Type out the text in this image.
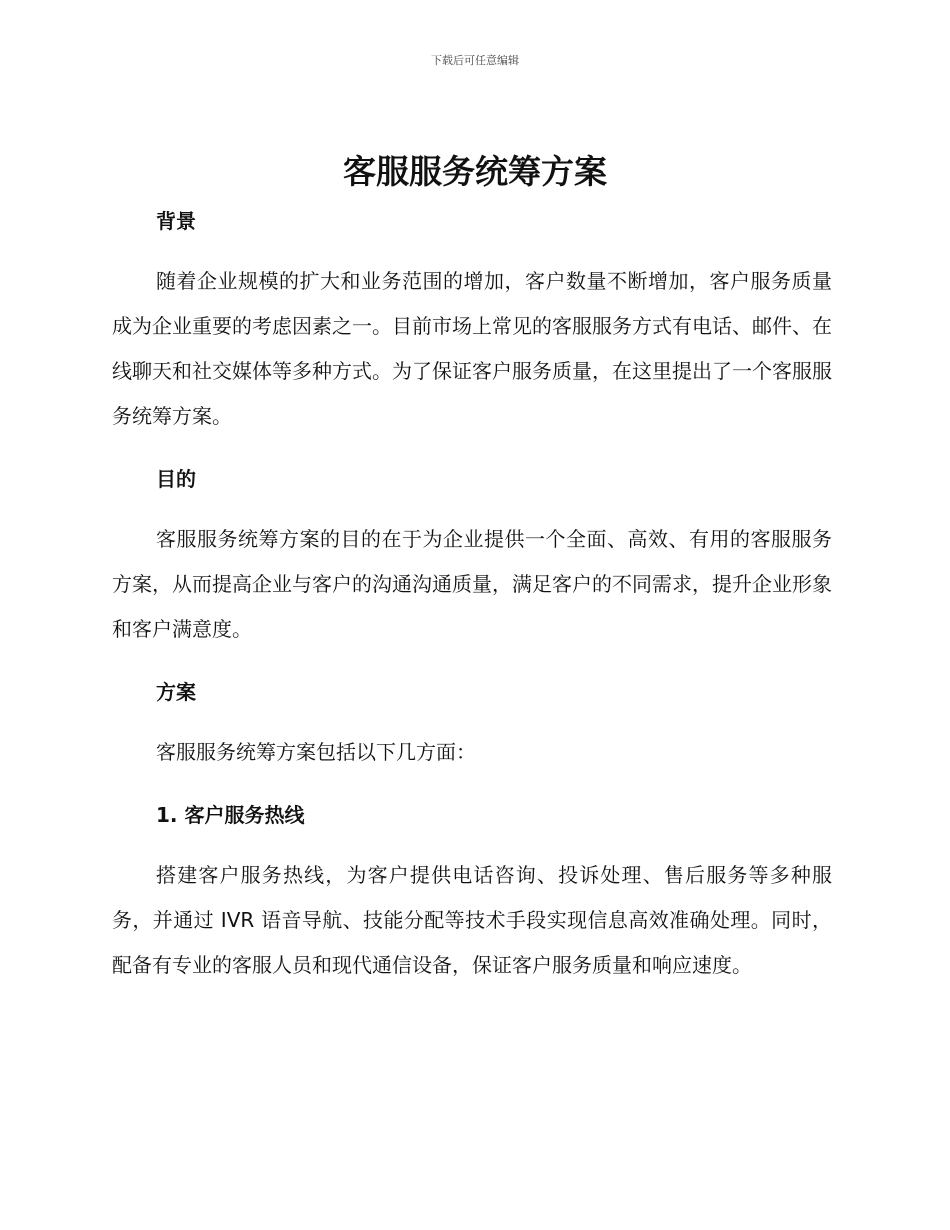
下载后可任意编辑
客服服务统筹方案
背景

随着企业规模的扩大和业务范围的增加，客户数量不断增加，客户服务质量成为企业重要的考虑因素之一。目前市场上常见的客服服务方式有电话、邮件、在线聊天和社交媒体等多种方式。为了保证客户服务质量，在这里提出了一个客服服务统筹方案。

目的

客服服务统筹方案的目的在于为企业提供一个全面、高效、有用的客服服务方案，从而提高企业与客户的沟通沟通质量，满足客户的不同需求，提升企业形象和客户满意度。

方案

客服服务统筹方案包括以下几方面：

1. 客户服务热线

搭建客户服务热线，为客户提供电话咨询、投诉处理、售后服务等多种服务，并通过 IVR 语音导航、技能分配等技术手段实现信息高效准确处理。同时，配备有专业的客服人员和现代通信设备，保证客户服务质量和响应速度。
